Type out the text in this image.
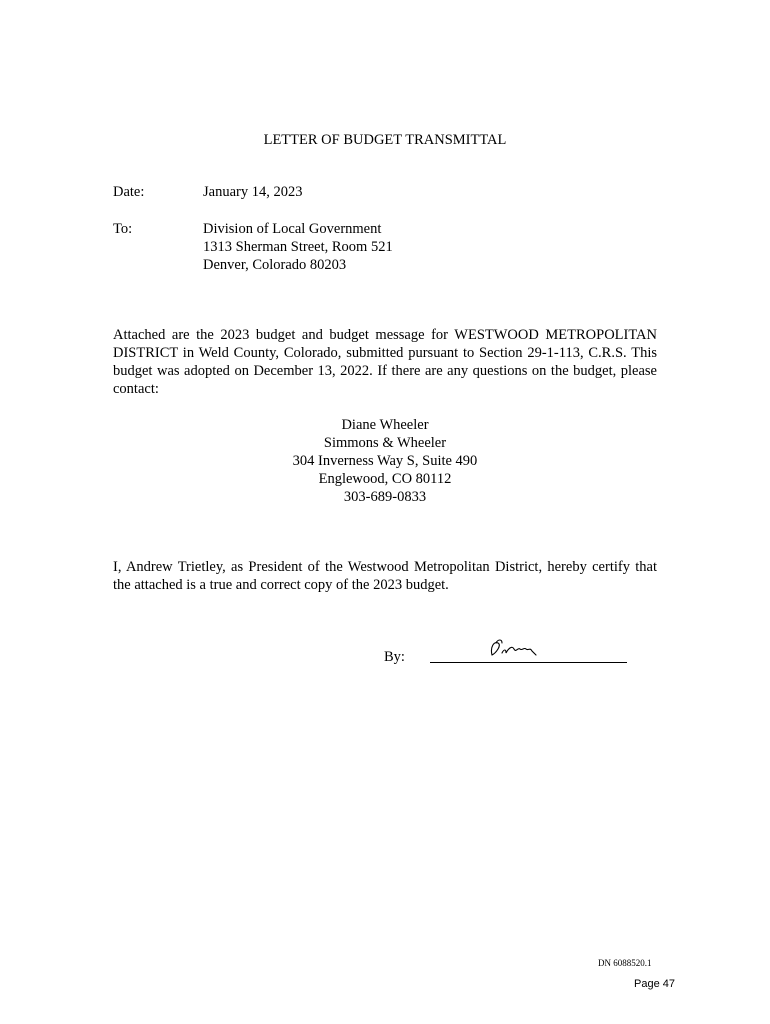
LETTER OF BUDGET TRANSMITTAL
Date:	January 14, 2023
To:	Division of Local Government
1313 Sherman Street, Room 521
Denver, Colorado 80203

Attached are the 2023 budget and budget message for WESTWOOD METROPOLITAN DISTRICT in Weld County, Colorado, submitted pursuant to Section 29-1-113, C.R.S. This budget was adopted on December 13, 2022. If there are any questions on the budget, please contact:

Diane Wheeler
Simmons & Wheeler
304 Inverness Way S, Suite 490
Englewood, CO 80112
303-689-0833

I, Andrew Trietley, as President of the Westwood Metropolitan District, hereby certify that the attached is a true and correct copy of the 2023 budget.

By:
DN 6088520.1
Page 47
